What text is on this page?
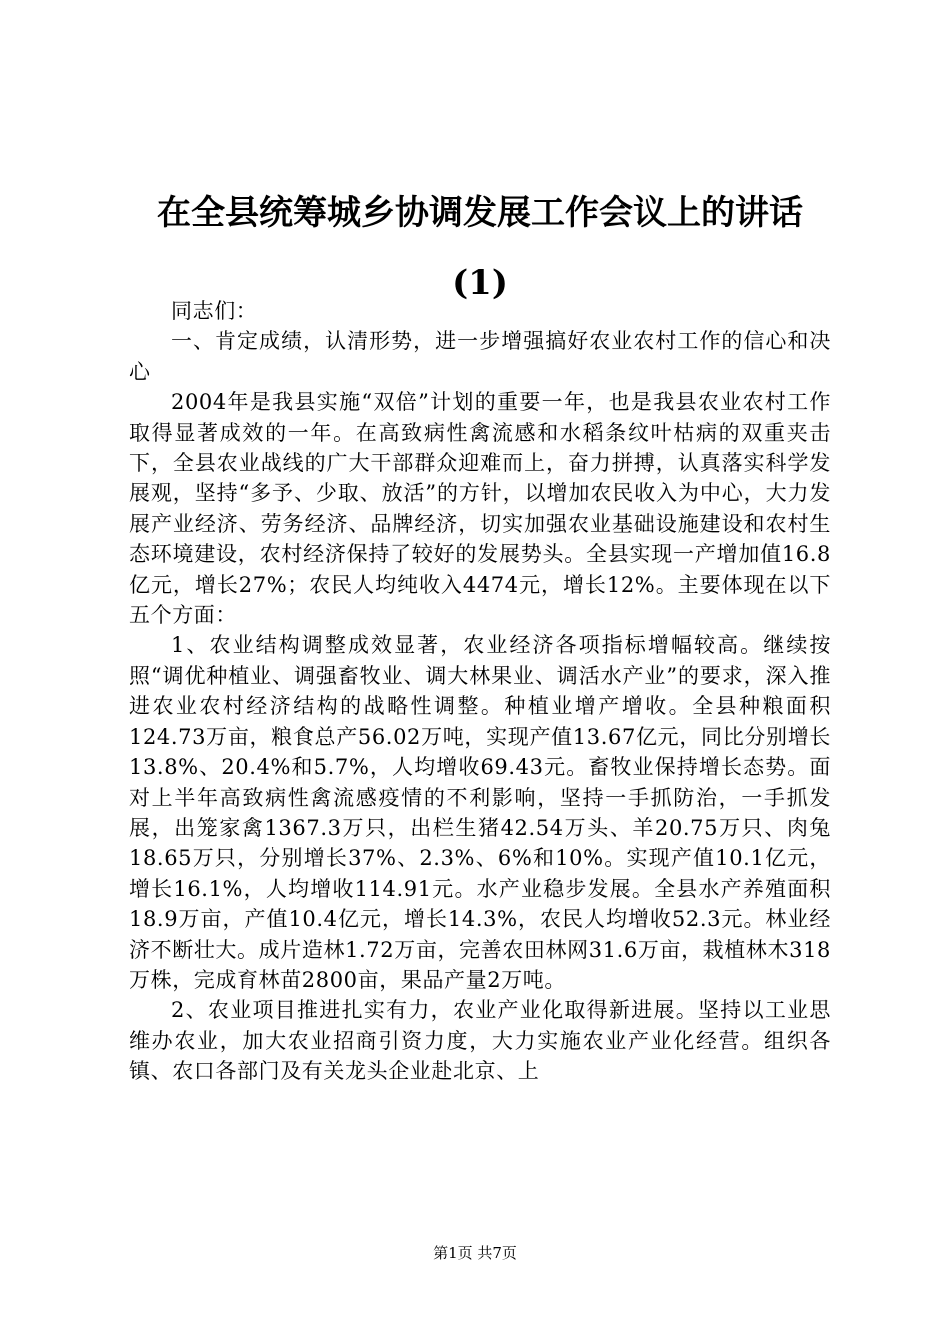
在全县统筹城乡协调发展工作会议上的讲话
(1)

同志们：

一、肯定成绩，认清形势，进一步增强搞好农业农村工作的信心和决心

2004年是我县实施“双倍”计划的重要一年，也是我县农业农村工作取得显著成效的一年。在高致病性禽流感和水稻条纹叶枯病的双重夹击下，全县农业战线的广大干部群众迎难而上，奋力拼搏，认真落实科学发展观，坚持“多予、少取、放活”的方针，以增加农民收入为中心，大力发展产业经济、劳务经济、品牌经济，切实加强农业基础设施建设和农村生态环境建设，农村经济保持了较好的发展势头。全县实现一产增加值16.8亿元，增长27%；农民人均纯收入4474元，增长12%。主要体现在以下五个方面：

1、农业结构调整成效显著，农业经济各项指标增幅较高。继续按照“调优种植业、调强畜牧业、调大林果业、调活水产业”的要求，深入推进农业农村经济结构的战略性调整。种植业增产增收。全县种粮面积124.73万亩，粮食总产56.02万吨，实现产值13.67亿元，同比分别增长13.8%、20.4%和5.7%，人均增收69.43元。畜牧业保持增长态势。面对上半年高致病性禽流感疫情的不利影响，坚持一手抓防治，一手抓发展，出笼家禽1367.3万只，出栏生猪42.54万头、羊20.75万只、肉兔18.65万只，分别增长37%、2.3%、6%和10%。实现产值10.1亿元，增长16.1%，人均增收114.91元。水产业稳步发展。全县水产养殖面积18.9万亩，产值10.4亿元，增长14.3%，农民人均增收52.3元。林业经济不断壮大。成片造林1.72万亩，完善农田林网31.6万亩，栽植林木318万株，完成育林苗2800亩，果品产量2万吨。

2、农业项目推进扎实有力，农业产业化取得新进展。坚持以工业思维办农业，加大农业招商引资力度，大力实施农业产业化经营。组织各镇、农口各部门及有关龙头企业赴北京、上

第1页 共7页
